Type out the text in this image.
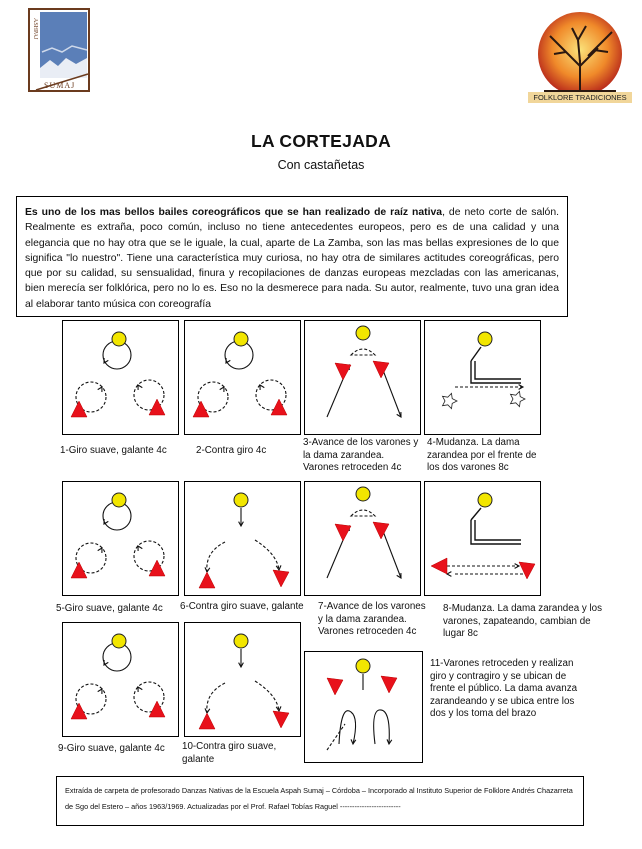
ASHPAJ
SUMAJ
FOLKLORE TRADICIONES
LA CORTEJADA
Con castañetas

Es uno de los mas bellos bailes coreográficos que se han realizado de raíz nativa, de neto corte de salón. Realmente es extraña, poco común, incluso no tiene antecedentes europeos, pero es de una calidad y una elegancia que no hay otra que se le iguale, la cual, aparte de La Zamba, son las mas bellas expresiones de lo que significa "lo nuestro". Tiene una característica muy curiosa, no hay otra de similares actitudes coreográficas, pero que por su calidad, su sensualidad, finura y recopilaciones de danzas europeas mezcladas con las americanas, bien merecía ser folklórica, pero no lo es. Eso no la desmerece para nada. Su autor, realmente, tuvo una gran idea al elaborar tanto música con coreografía

1-Giro suave, galante 4c	2-Contra giro 4c
3-Avance de los varones y la dama zarandea. Varones retroceden 4c
4-Mudanza. La dama zarandea por el frente de los dos varones 8c
5-Giro suave, galante 4c	6-Contra giro suave, galante	7-Avance de los varones y la dama zarandea. Varones retroceden 4c
8-Mudanza. La dama zarandea y los varones, zapateando, cambian de lugar 8c
9-Giro suave, galante 4c	10-Contra giro suave, galante
11-Varones retroceden y realizan giro y contragiro y se ubican de frente el público. La dama avanza zarandeando y se ubica entre los dos y los toma del brazo
Extraída de carpeta de profesorado Danzas Nativas de la Escuela Aspah Sumaj – Córdoba – Incorporado al Instituto Superior de Folklore Andrés Chazarreta de Sgo del Estero – años 1963/1969. Actualizadas por el Prof. Rafael Tobías Raguel -------------------------
